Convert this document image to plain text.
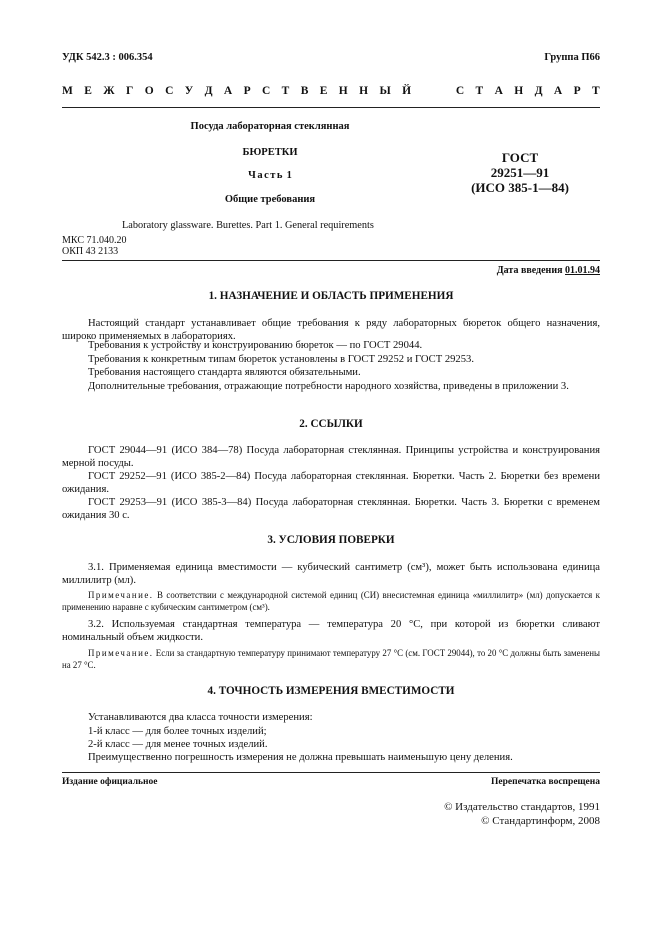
УДК 542.3 : 006.354	Группа П66
М Е Ж Г О С У Д А Р С Т В Е Н Н Ы Й	С Т А Н Д А Р Т
Посуда лабораторная стеклянная
БЮРЕТКИ
Часть 1
Общие требования
ГОСТ
29251—91
(ИСО 385-1—84)
Laboratory glassware. Burettes. Part 1. General requirements
МКС 71.040.20
ОКП 43 2133
Дата введения 01.01.94
1. НАЗНАЧЕНИЕ И ОБЛАСТЬ ПРИМЕНЕНИЯ
Настоящий стандарт устанавливает общие требования к ряду лабораторных бюреток общего назначения, широко применяемых в лабораториях.
Требования к устройству и конструированию бюреток — по ГОСТ 29044.
Требования к конкретным типам бюреток установлены в ГОСТ 29252 и ГОСТ 29253.
Требования настоящего стандарта являются обязательными.
Дополнительные требования, отражающие потребности народного хозяйства, приведены в приложении 3.
2. ССЫЛКИ
ГОСТ 29044—91 (ИСО 384—78) Посуда лабораторная стеклянная. Принципы устройства и конструирования мерной посуды.
ГОСТ 29252—91 (ИСО 385-2—84) Посуда лабораторная стеклянная. Бюретки. Часть 2. Бюретки без времени ожидания.
ГОСТ 29253—91 (ИСО 385-3—84) Посуда лабораторная стеклянная. Бюретки. Часть 3. Бюретки с временем ожидания 30 с.
3. УСЛОВИЯ ПОВЕРКИ
3.1. Применяемая единица вместимости — кубический сантиметр (см³), может быть использована единица миллилитр (мл).
Примечание. В соответствии с международной системой единиц (СИ) внесистемная единица «миллилитр» (мл) допускается к применению наравне с кубическим сантиметром (см³).
3.2. Используемая стандартная температура — температура 20 °С, при которой из бюретки сливают номинальный объем жидкости.
Примечание. Если за стандартную температуру принимают температуру 27 °С (см. ГОСТ 29044), то 20 °С должны быть заменены на 27 °С.
4. ТОЧНОСТЬ ИЗМЕРЕНИЯ ВМЕСТИМОСТИ
Устанавливаются два класса точности измерения:
1-й класс — для более точных изделий;
2-й класс — для менее точных изделий.
Преимущественно погрешность измерения не должна превышать наименьшую цену деления.
Издание официальное	Перепечатка воспрещена
© Издательство стандартов, 1991
© Стандартинформ, 2008
